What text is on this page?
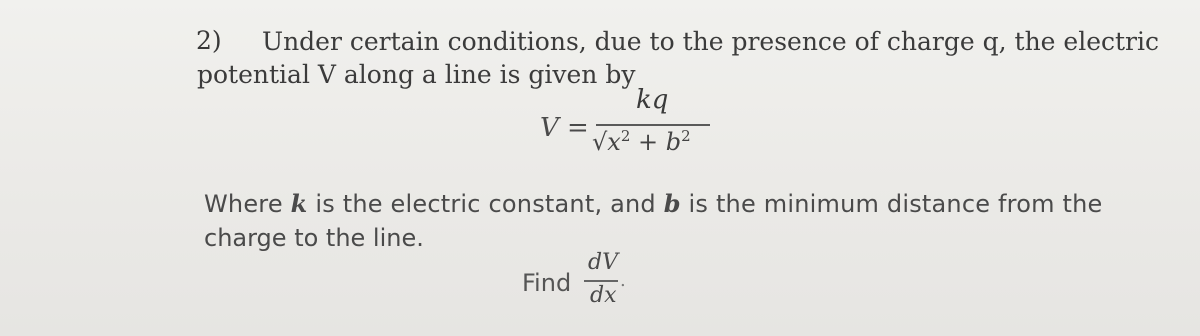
2) Under certain conditions, due to the presence of charge q, the electric
potential V along a line is given by
V =
kq
$√x^2 + b^2$
Where k is the electric constant, and b is the minimum distance from the
charge to the line.
Find
dV
.
dx
